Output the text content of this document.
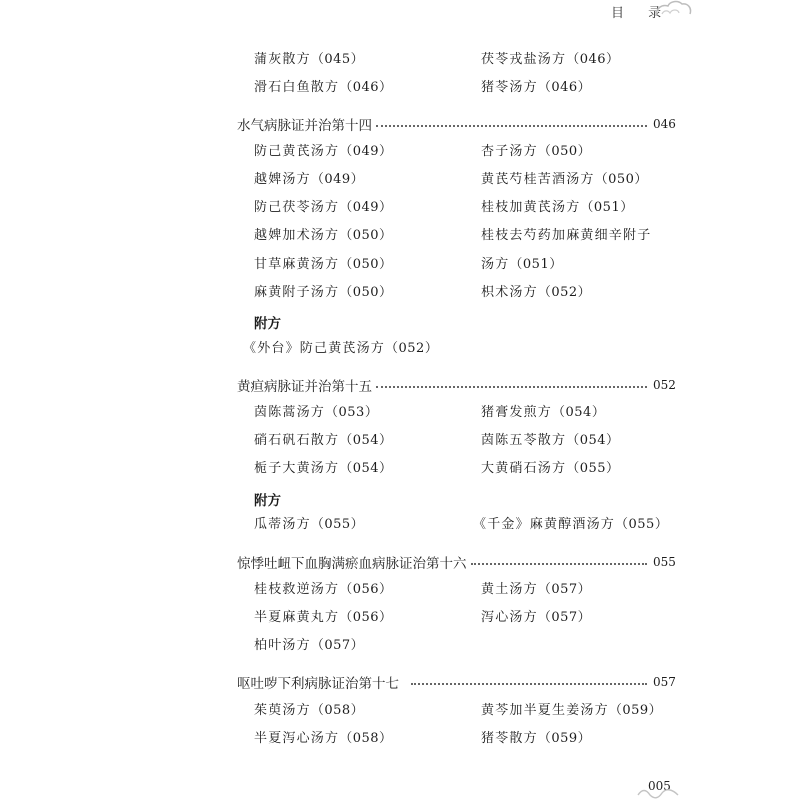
目 录
蒲灰散方（045）	茯苓戎盐汤方（046）
滑石白鱼散方（046）	猪苓汤方（046）
水气病脉证并治第十四	046
防己黄芪汤方（049）	杏子汤方（050）
越婢汤方（049）	黄芪芍桂苦酒汤方（050）
防己茯苓汤方（049）	桂枝加黄芪汤方（051）
越婢加术汤方（050）	桂枝去芍药加麻黄细辛附子
甘草麻黄汤方（050）	汤方（051）
麻黄附子汤方（050）	枳术汤方（052）
附方
《外台》防己黄芪汤方（052）
黄疸病脉证并治第十五	052
茵陈蒿汤方（053）	猪膏发煎方（054）
硝石矾石散方（054）	茵陈五苓散方（054）
栀子大黄汤方（054）	大黄硝石汤方（055）
附方
瓜蒂汤方（055）	《千金》麻黄醇酒汤方（055）
惊悸吐衄下血胸满瘀血病脉证治第十六	055
桂枝救逆汤方（056）	黄土汤方（057）
半夏麻黄丸方（056）	泻心汤方（057）
柏叶汤方（057）
呕吐哕下利病脉证治第十七	057
茱萸汤方（058）	黄芩加半夏生姜汤方（059）
半夏泻心汤方（058）	猪苓散方（059）
005
